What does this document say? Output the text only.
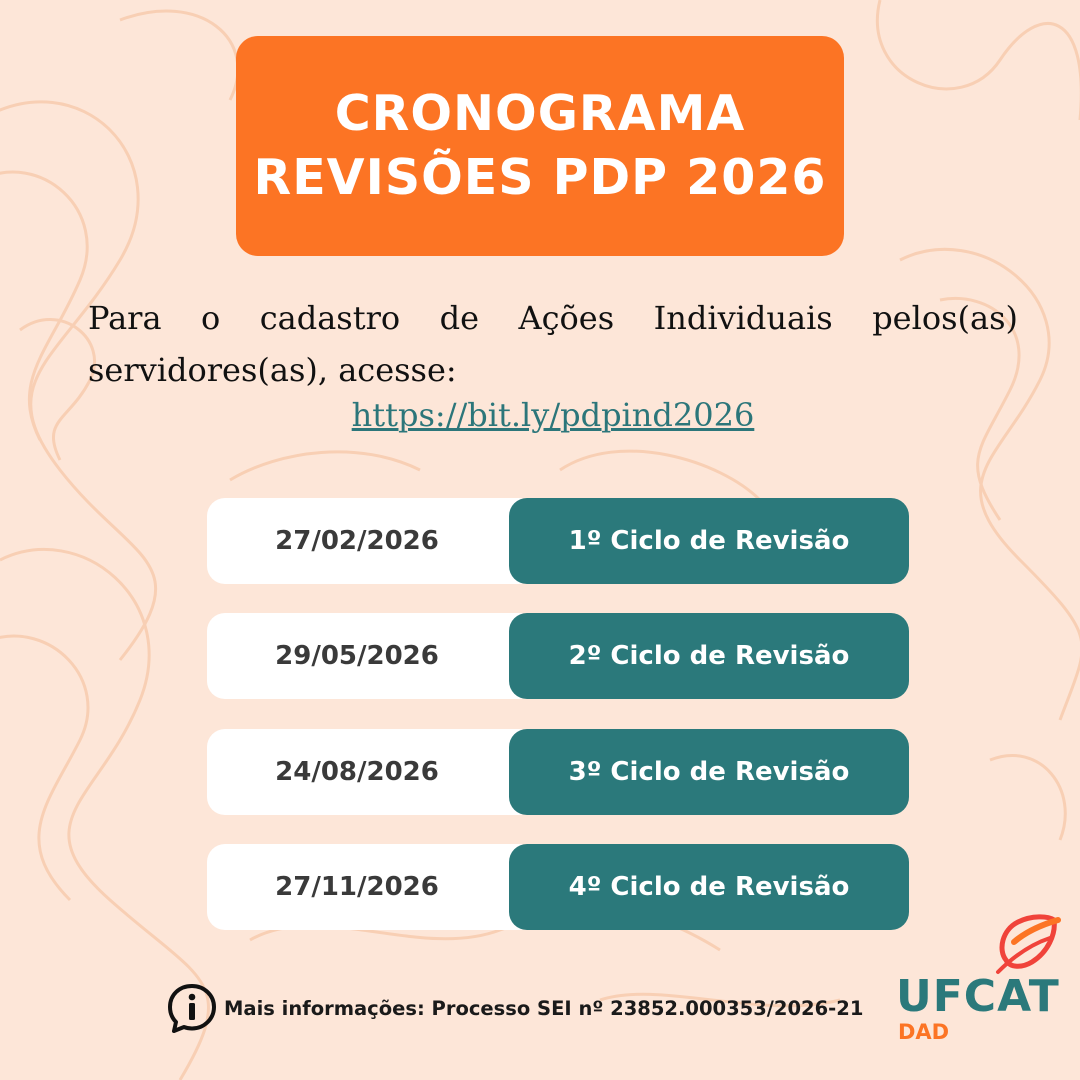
CRONOGRAMA
REVISÕES PDP 2026
Para o cadastro de Ações Individuais pelos(as) servidores(as), acesse:
https://bit.ly/pdpind2026
27/02/2026	1º Ciclo de Revisão
29/05/2026	2º Ciclo de Revisão
24/08/2026	3º Ciclo de Revisão
27/11/2026	4º Ciclo de Revisão
Mais informações: Processo SEI nº 23852.000353/2026-21 UFCAT
DAD
